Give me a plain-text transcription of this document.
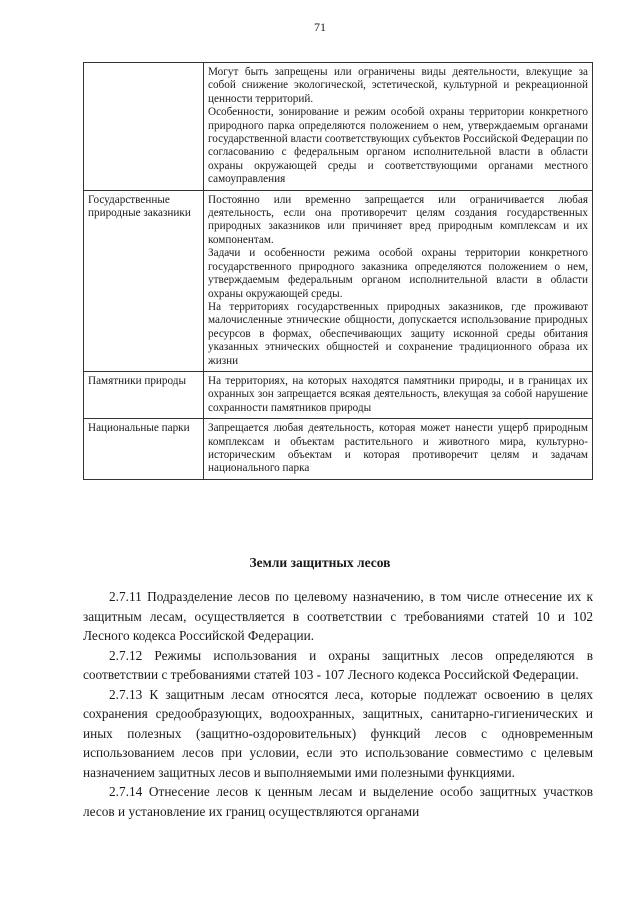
71

	Могут быть запрещены или ограничены виды деятельности, влекущие за собой снижение экологической, эстетической, культурной и рекреационной ценности территорий.

Особенности, зонирование и режим особой охраны территории конкретного природного парка определяются положением о нем, утверждаемым органами государственной власти соответствующих субъектов Российской Федерации по согласованию с федеральным органом исполнительной власти в области охраны окружающей среды и соответствующими органами местного самоуправления

Государственные природные заказники	Постоянно или временно запрещается или ограничивается любая деятельность, если она противоречит целям создания государственных природных заказников или причиняет вред природным комплексам и их компонентам.

Задачи и особенности режима особой охраны территории конкретного государственного природного заказника определяются положением о нем, утверждаемым федеральным органом исполнительной власти в области охраны окружающей среды.

На территориях государственных природных заказников, где проживают малочисленные этнические общности, допускается использование природных ресурсов в формах, обеспечивающих защиту исконной среды обитания указанных этнических общностей и сохранение традиционного образа их жизни

Памятники природы	На территориях, на которых находятся памятники природы, и в границах их охранных зон запрещается всякая деятельность, влекущая за собой нарушение сохранности памятников природы

Национальные парки	Запрещается любая деятельность, которая может нанести ущерб природным комплексам и объектам растительного и животного мира, культурно-историческим объектам и которая противоречит целям и задачам национального парка

Земли защитных лесов

2.7.11 Подразделение лесов по целевому назначению, в том числе отнесение их к защитным лесам, осуществляется в соответствии с требованиями статей 10 и 102 Лесного кодекса Российской Федерации.

2.7.12 Режимы использования и охраны защитных лесов определяются в соответствии с требованиями статей 103 - 107 Лесного кодекса Российской Федерации.

2.7.13 К защитным лесам относятся леса, которые подлежат освоению в целях сохранения средообразующих, водоохранных, защитных, санитарно-гигиенических и иных полезных (защитно-оздоровительных) функций лесов с одновременным использованием лесов при условии, если это использование совместимо с целевым назначением защитных лесов и выполняемыми ими полезными функциями.

2.7.14 Отнесение лесов к ценным лесам и выделение особо защитных участков лесов и установление их границ осуществляются органами
